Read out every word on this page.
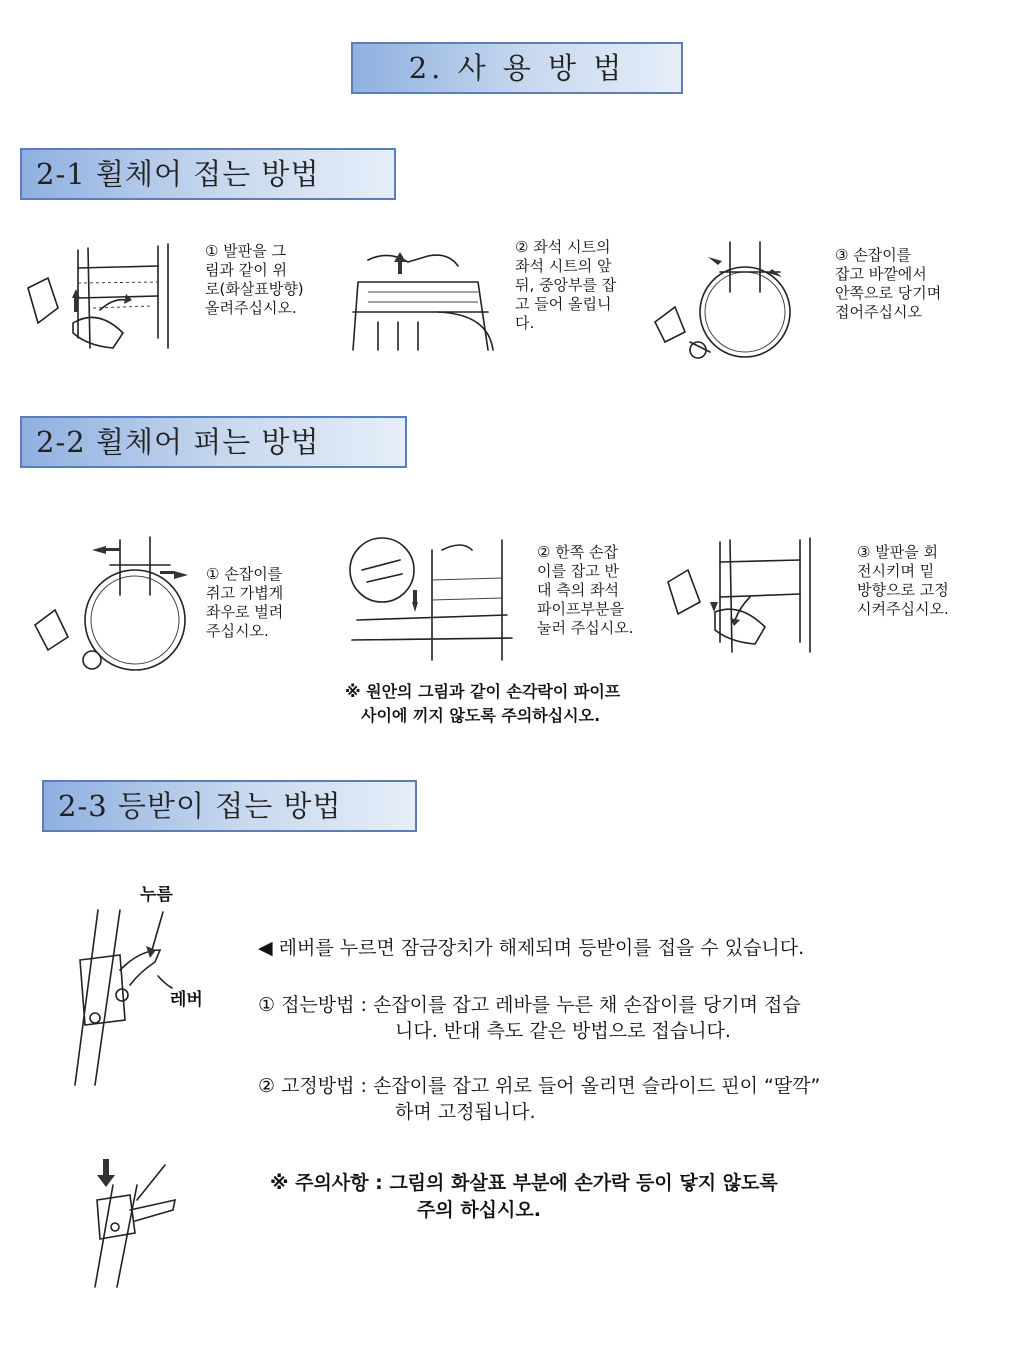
2. 사 용 방 법
2-1 휠체어 접는 방법
① 발판을 그
림과 같이 위
로(화살표방향)
올려주십시오.
② 좌석 시트의
좌석 시트의 앞
뒤, 중앙부를 잡
고 들어 올립니
다.
③ 손잡이를
잡고 바깥에서
안쪽으로 당기며
접어주십시오
2-2 휠체어 펴는 방법
① 손잡이를
쥐고 가볍게
좌우로 벌려
주십시오.
② 한쪽 손잡
이를 잡고 반
대 측의 좌석
파이프부분을
눌러 주십시오.
③ 발판을 회
전시키며 밑
방향으로 고정
시켜주십시오.
※ 원안의 그림과 같이 손각락이 파이프
사이에 끼지 않도록 주의하십시오.
2-3 등받이 접는 방법
누름
레버
◀ 레버를 누르면 잠금장치가 해제되며 등받이를 접을 수 있습니다.
① 접는방법 : 손잡이를 잡고 레바를 누른 채 손잡이를 당기며 접습
니다. 반대 측도 같은 방법으로 접습니다.
② 고정방법 : 손잡이를 잡고 위로 들어 올리면 슬라이드 핀이 “딸깍”
하며 고정됩니다.
※ 주의사항 : 그림의 화살표 부분에 손가락 등이 닿지 않도록
주의 하십시오.
